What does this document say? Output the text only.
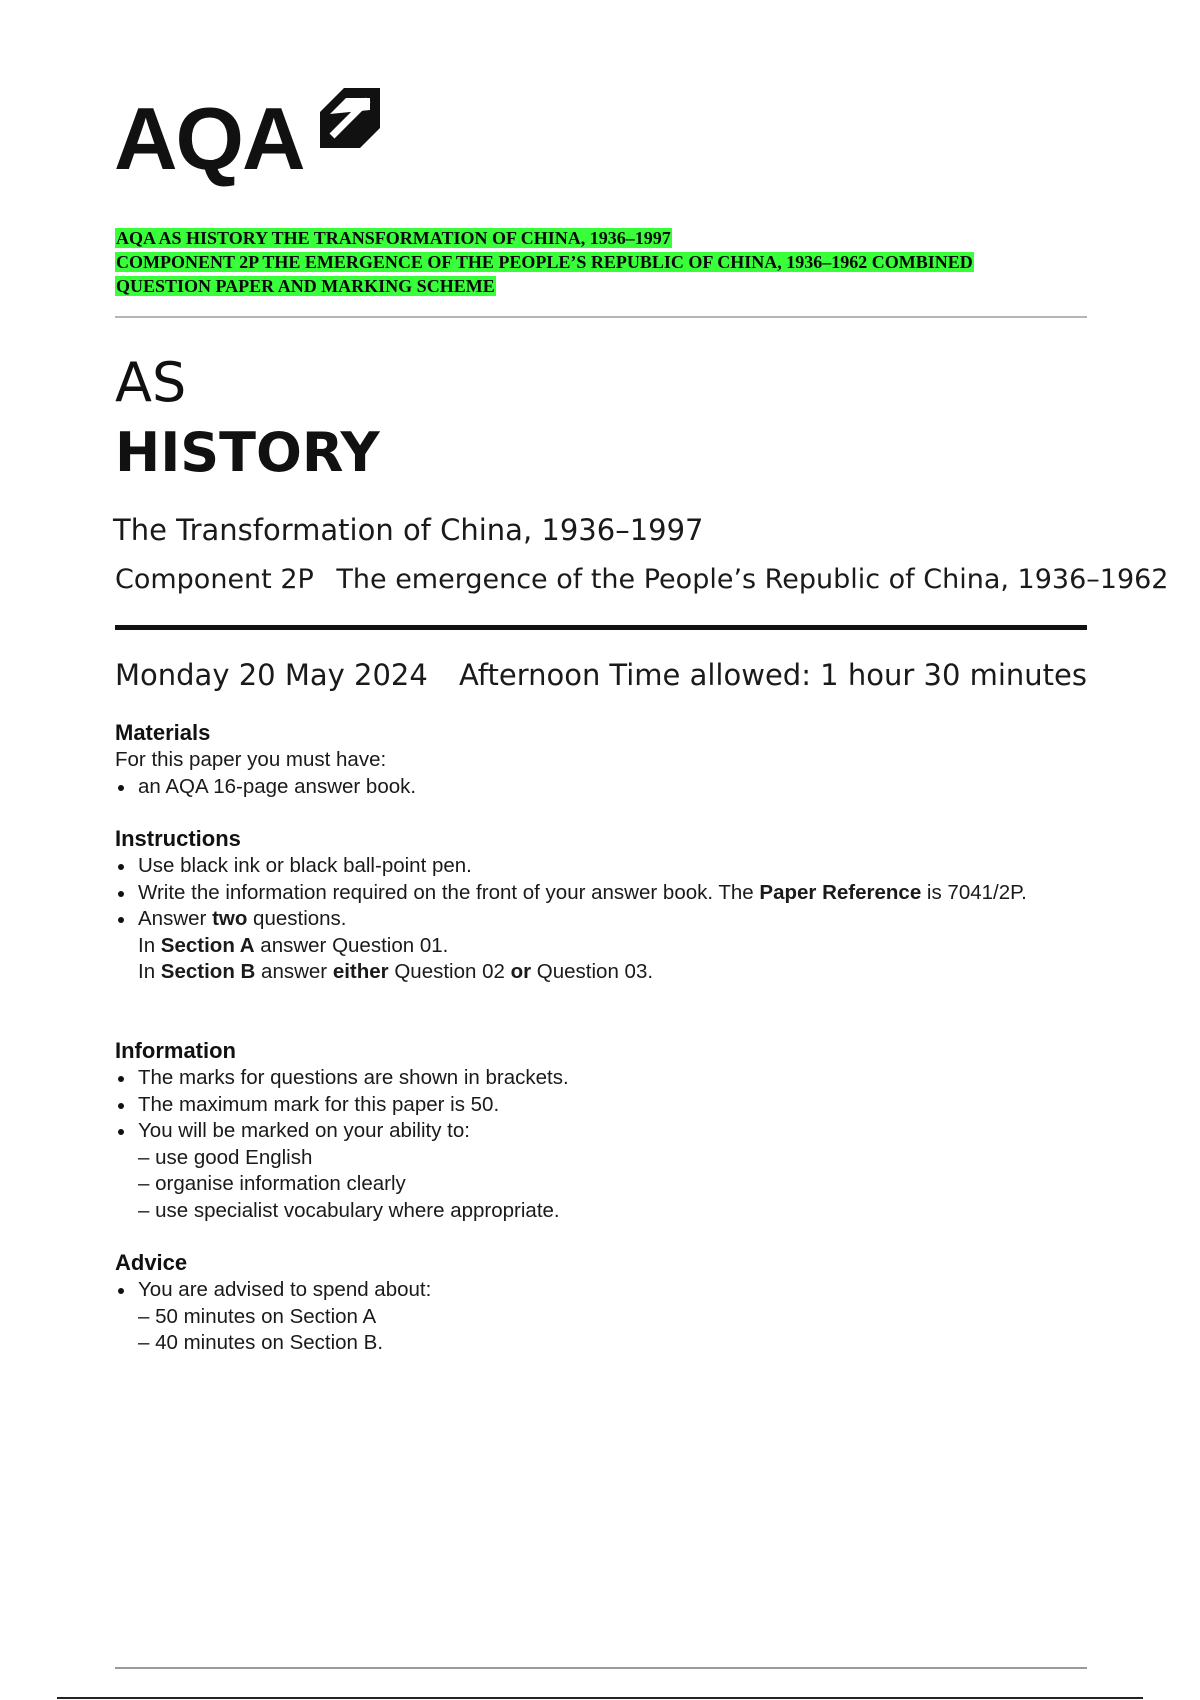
AQA
AQA AS HISTORY THE TRANSFORMATION OF CHINA, 1936–1997
COMPONENT 2P THE EMERGENCE OF THE PEOPLE’S REPUBLIC OF CHINA, 1936–1962 COMBINED
QUESTION PAPER AND MARKING SCHEME
AS
HISTORY
The Transformation of China, 1936–1997
Component 2P The emergence of the People’s Republic of China, 1936–1962
Monday 20 May 2024 Afternoon Time allowed: 1 hour 30 minutes
Materials

For this paper you must have:

an AQA 16-page answer book.
Instructions
Use black ink or black ball-point pen.
Write the information required on the front of your answer book. The Paper Reference is 7041/2P.
Answer two questions.
In Section A answer Question 01.
In Section B answer either Question 02 or Question 03.
Information
The marks for questions are shown in brackets.
The maximum mark for this paper is 50.
You will be marked on your ability to:
– use good English
– organise information clearly
– use specialist vocabulary where appropriate.
Advice
You are advised to spend about:
– 50 minutes on Section A
– 40 minutes on Section B.
